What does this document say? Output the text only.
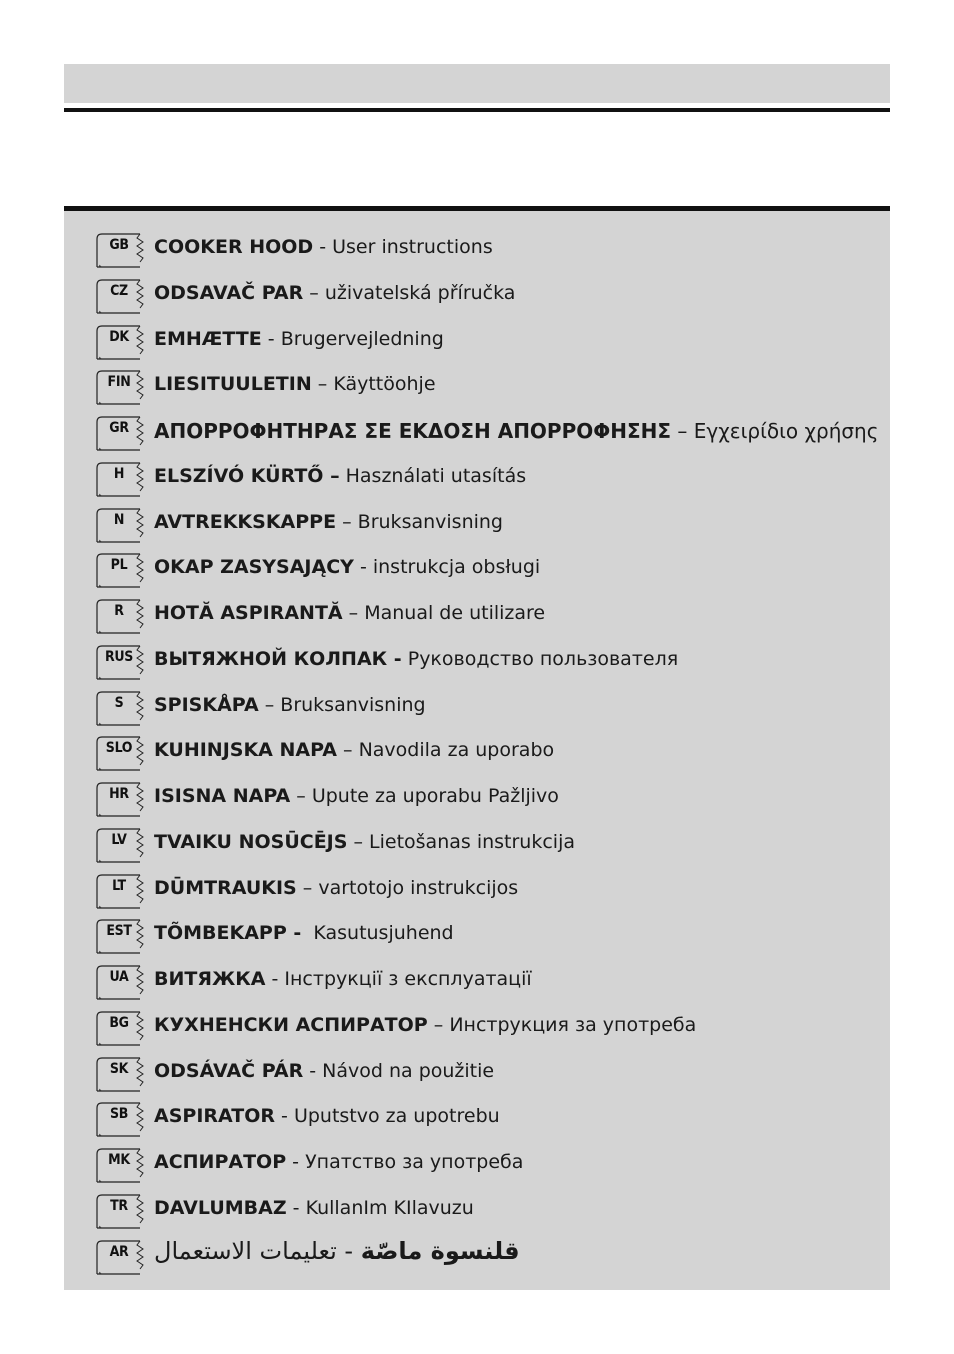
GB	COOKER HOOD - User instructions
CZ	ODSAVAČ PAR – uživatelská příručka
DK	EMHÆTTE - Brugervejledning
FIN	LIESITUULETIN – Käyttöohje
GR	ΑΠΟΡΡΟΦΗΤΗΡΑΣ ΣΕ ΕΚΔΟΣΗ ΑΠΟΡΡΟΦΗΣΗΣ – Εγχειρίδιο χρήσης
H	ELSZÍVÓ KÜRTŐ – Használati utasítás
N	AVTREKKSKAPPE – Bruksanvisning
PL	OKAP ZASYSAJĄCY - instrukcja obsługi
R	HOTĂ ASPIRANTĂ – Manual de utilizare
RUS	ВЫТЯЖНОЙ КОЛПАК - Руководство пользователя
S	SPISKÅPA – Bruksanvisning
SLO	KUHINJSKA NAPA – Navodila za uporabo
HR	ISISNA NAPA – Upute za uporabu Pažljivo
LV	TVAIKU NOSŪCĒJS – Lietošanas instrukcija
LT	DŪMTRAUKIS – vartotojo instrukcijos
EST	TÕMBEKAPP - Kasutusjuhend
UA	ВИТЯЖКА - Інструкції з експлуатації
BG	КУХНЕНСКИ АСПИРАТОР – Инструкция за употреба
SK	ODSÁVAČ PÁR - Návod na použitie
SB	ASPIRATOR - Uputstvo za upotrebu
MK	АСПИРАТОР - Упатство за употреба
TR	DAVLUMBAZ - KullanIm KIlavuzu
AR	قلنسوة ماصّة - تعليمات الاستعمال
